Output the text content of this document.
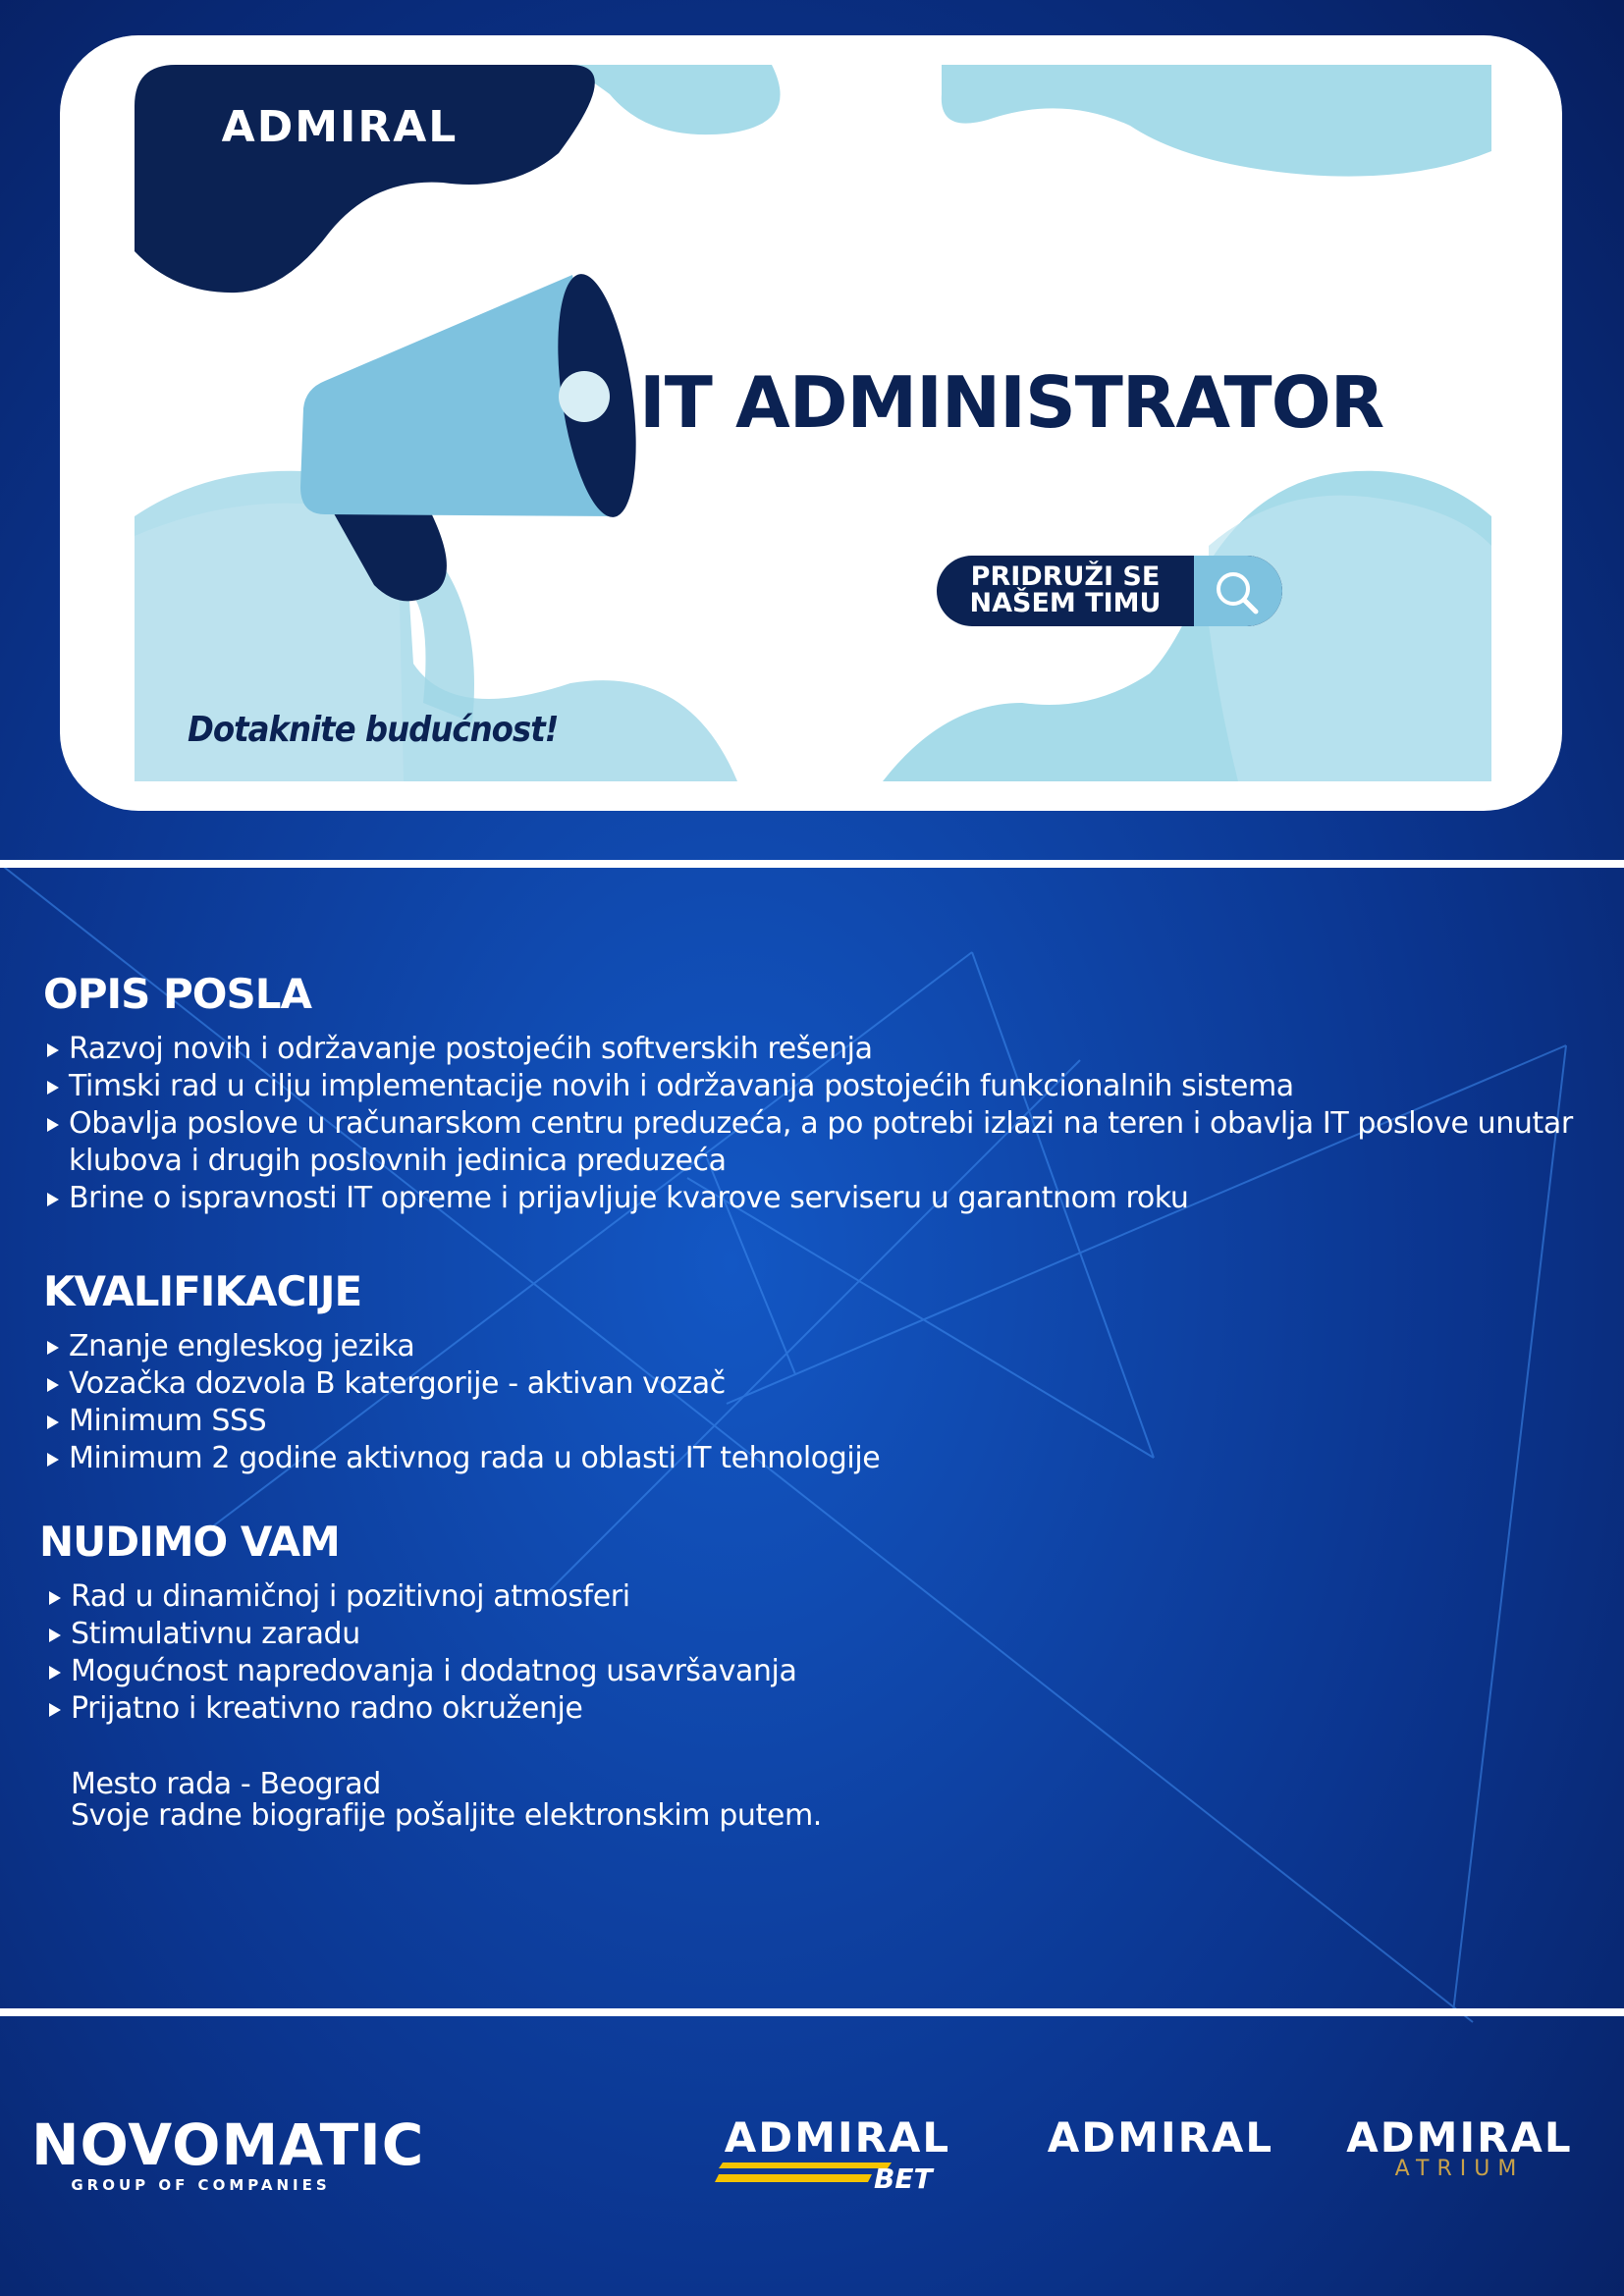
ADMIRAL
IT ADMINISTRATOR
PRIDRUŽI SE
NAŠEM TIMU
Dotaknite budućnost!
OPIS POSLA
Razvoj novih i održavanje postojećih softverskih rešenja
Timski rad u cilju implementacije novih i održavanja postojećih funkcionalnih sistema
Obavlja poslove u računarskom centru preduzeća, a po potrebi izlazi na teren i obavlja IT poslove unutar klubova i drugih poslovnih jedinica preduzeća
Brine o ispravnosti IT opreme i prijavljuje kvarove serviseru u garantnom roku
KVALIFIKACIJE
Znanje engleskog jezika
Vozačka dozvola B katergorije - aktivan vozač
Minimum SSS
Minimum 2 godine aktivnog rada u oblasti IT tehnologije
NUDIMO VAM
Rad u dinamičnoj i pozitivnoj atmosferi
Stimulativnu zaradu
Mogućnost napredovanja i dodatnog usavršavanja
Prijatno i kreativno radno okruženje
Mesto rada - Beograd
Svoje radne biografije pošaljite elektronskim putem.
NOVOMATIC
GROUP OF COMPANIES
ADMIRAL
BET
ADMIRAL ADMIRAL
ATRIUM
